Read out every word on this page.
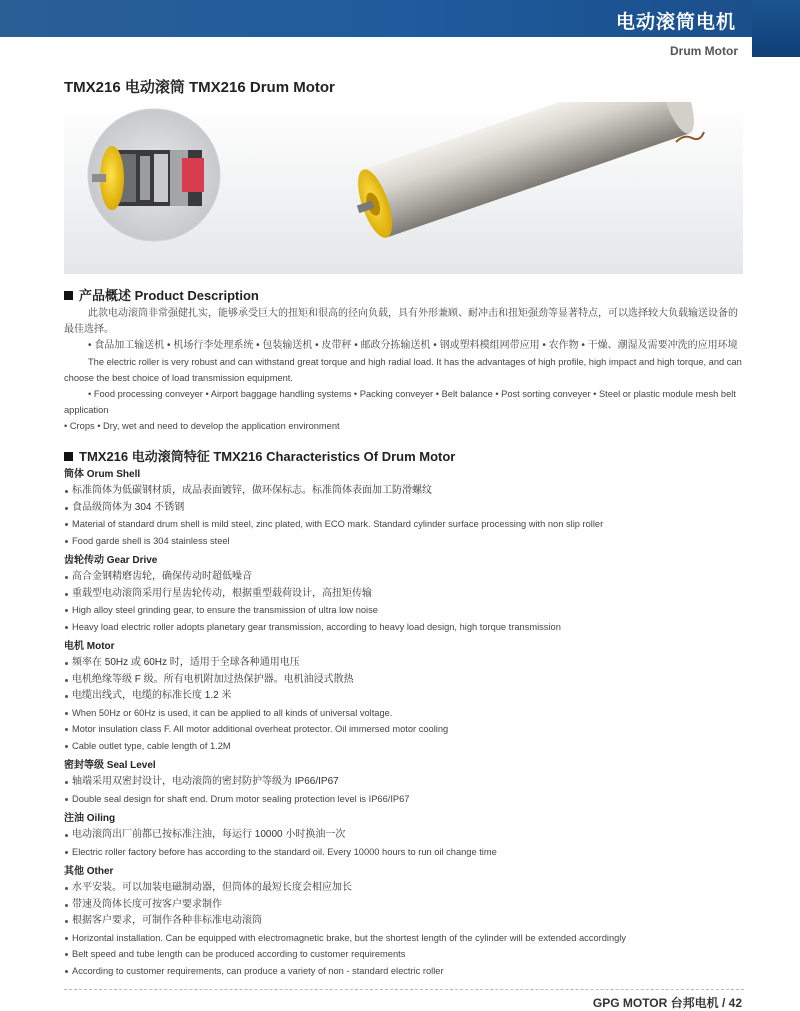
电动滚筒电机
Drum Motor
TMX216 电动滚筒 TMX216 Drum Motor
产品概述 Product Description

此款电动滚筒非常强健扎实，能够承受巨大的扭矩和很高的径向负载，具有外形兼顾、耐冲击和扭矩强劲等显著特点，可以选择较大负载输送设备的最佳选择。

• 食品加工输送机 • 机场行李处理系统 • 包装输送机 • 皮带秤 • 邮政分拣输送机 • 钢或塑料模组网带应用 • 农作物 • 干燥、潮湿及需要冲洗的应用环境

The electric roller is very robust and can withstand great torque and high radial load. It has the advantages of high profile, high impact and high torque, and can choose the best choice of load transmission equipment.

• Food processing conveyer • Airport baggage handling systems • Packing conveyer • Belt balance • Post sorting conveyer • Steel or plastic module mesh belt application

• Crops • Dry, wet and need to develop the application environment

TMX216 电动滚筒特征 TMX216 Characteristics Of Drum Motor
筒体 Orum Shell
标准筒体为低碳钢材质，成品表面镀锌，做环保标志。标准筒体表面加工防滑螺纹
食品级筒体为 304 不锈钢
Material of standard drum shell is mild steel, zinc plated, with ECO mark. Standard cylinder surface processing with non slip roller
Food garde shell is 304 stainless steel
齿轮传动 Gear Drive
高合金钢精磨齿轮，确保传动时超低噪音
重载型电动滚筒采用行星齿轮传动，根据重型载荷设计，高扭矩传输
High alloy steel grinding gear, to ensure the transmission of ultra low noise
Heavy load electric roller adopts planetary gear transmission, according to heavy load design, high torque transmission
电机 Motor
频率在 50Hz 或 60Hz 时，适用于全球各种通用电压
电机绝缘等级 F 级。所有电机附加过热保护器。电机油浸式散热
电缆出线式，电缆的标准长度 1.2 米
When 50Hz or 60Hz is used, it can be applied to all kinds of universal voltage.
Motor insulation class F. All motor additional overheat protector. Oil immersed motor cooling
Cable outlet type, cable length of 1.2M
密封等级 Seal Level
轴端采用双密封设计，电动滚筒的密封防护等级为 IP66/IP67
Double seal design for shaft end. Drum motor sealing protection level is IP66/IP67
注油 Oiling
电动滚筒出厂前都已按标准注油，每运行 10000 小时换油一次
Electric roller factory before has according to the standard oil. Every 10000 hours to run oil change time
其他 Other
水平安装。可以加装电磁制动器，但筒体的最短长度会相应加长
带速及筒体长度可按客户要求制作
根据客户要求，可制作各种非标准电动滚筒
Horizontal installation. Can be equipped with electromagnetic brake, but the shortest length of the cylinder will be extended accordingly
Belt speed and tube length can be produced according to customer requirements
According to customer requirements, can produce a variety of non - standard electric roller
GPG MOTOR 台邦电机 / 42
